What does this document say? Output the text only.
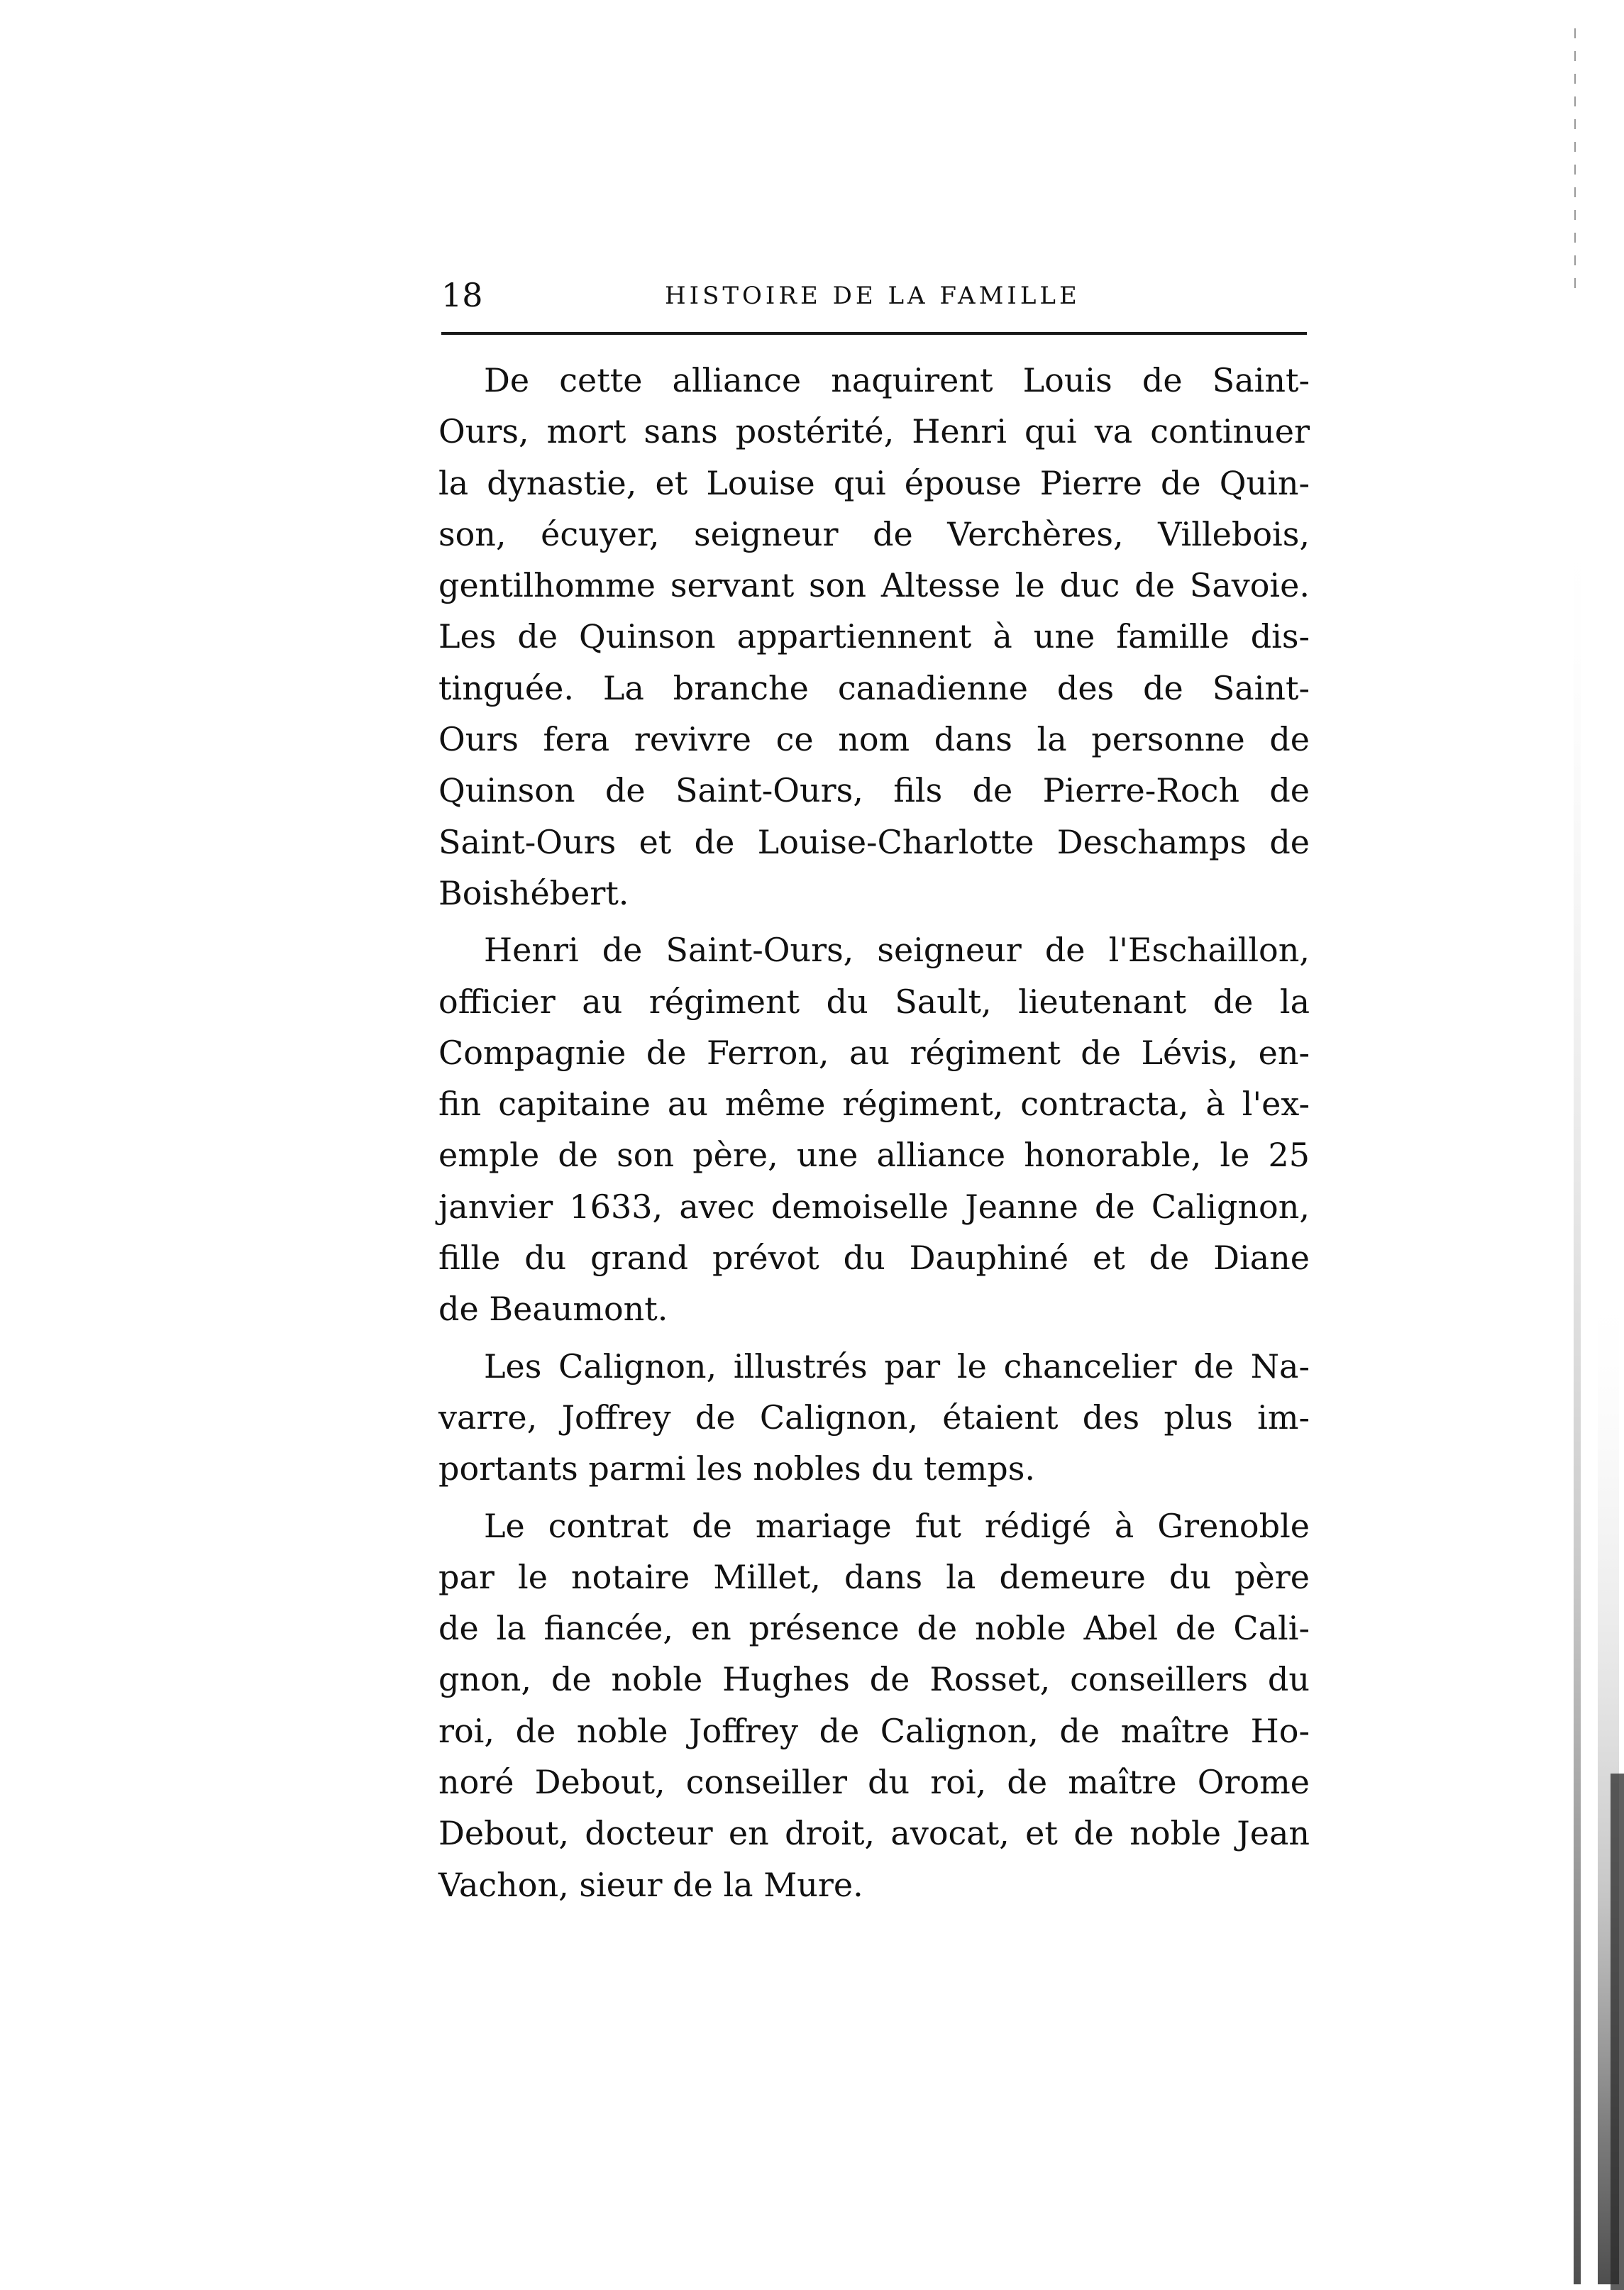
18	HISTOIRE DE LA FAMILLE
De cette alliance naquirent Louis de Saint-
Ours, mort sans postérité, Henri qui va continuer
la dynastie, et Louise qui épouse Pierre de Quin-
son, écuyer, seigneur de Verchères, Villebois,
gentilhomme servant son Altesse le duc de Savoie.
Les de Quinson appartiennent à une famille dis-
tinguée. La branche canadienne des de Saint-
Ours fera revivre ce nom dans la personne de
Quinson de Saint-Ours, fils de Pierre-Roch de
Saint-Ours et de Louise-Charlotte Deschamps de
Boishébert.
Henri de Saint-Ours, seigneur de l'Eschaillon,
officier au régiment du Sault, lieutenant de la
Compagnie de Ferron, au régiment de Lévis, en-
fin capitaine au même régiment, contracta, à l'ex-
emple de son père, une alliance honorable, le 25
janvier 1633, avec demoiselle Jeanne de Calignon,
fille du grand prévot du Dauphiné et de Diane
de Beaumont.
Les Calignon, illustrés par le chancelier de Na-
varre, Joffrey de Calignon, étaient des plus im-
portants parmi les nobles du temps.
Le contrat de mariage fut rédigé à Grenoble
par le notaire Millet, dans la demeure du père
de la fiancée, en présence de noble Abel de Cali-
gnon, de noble Hughes de Rosset, conseillers du
roi, de noble Joffrey de Calignon, de maître Ho-
noré Debout, conseiller du roi, de maître Orome
Debout, docteur en droit, avocat, et de noble Jean
Vachon, sieur de la Mure.
